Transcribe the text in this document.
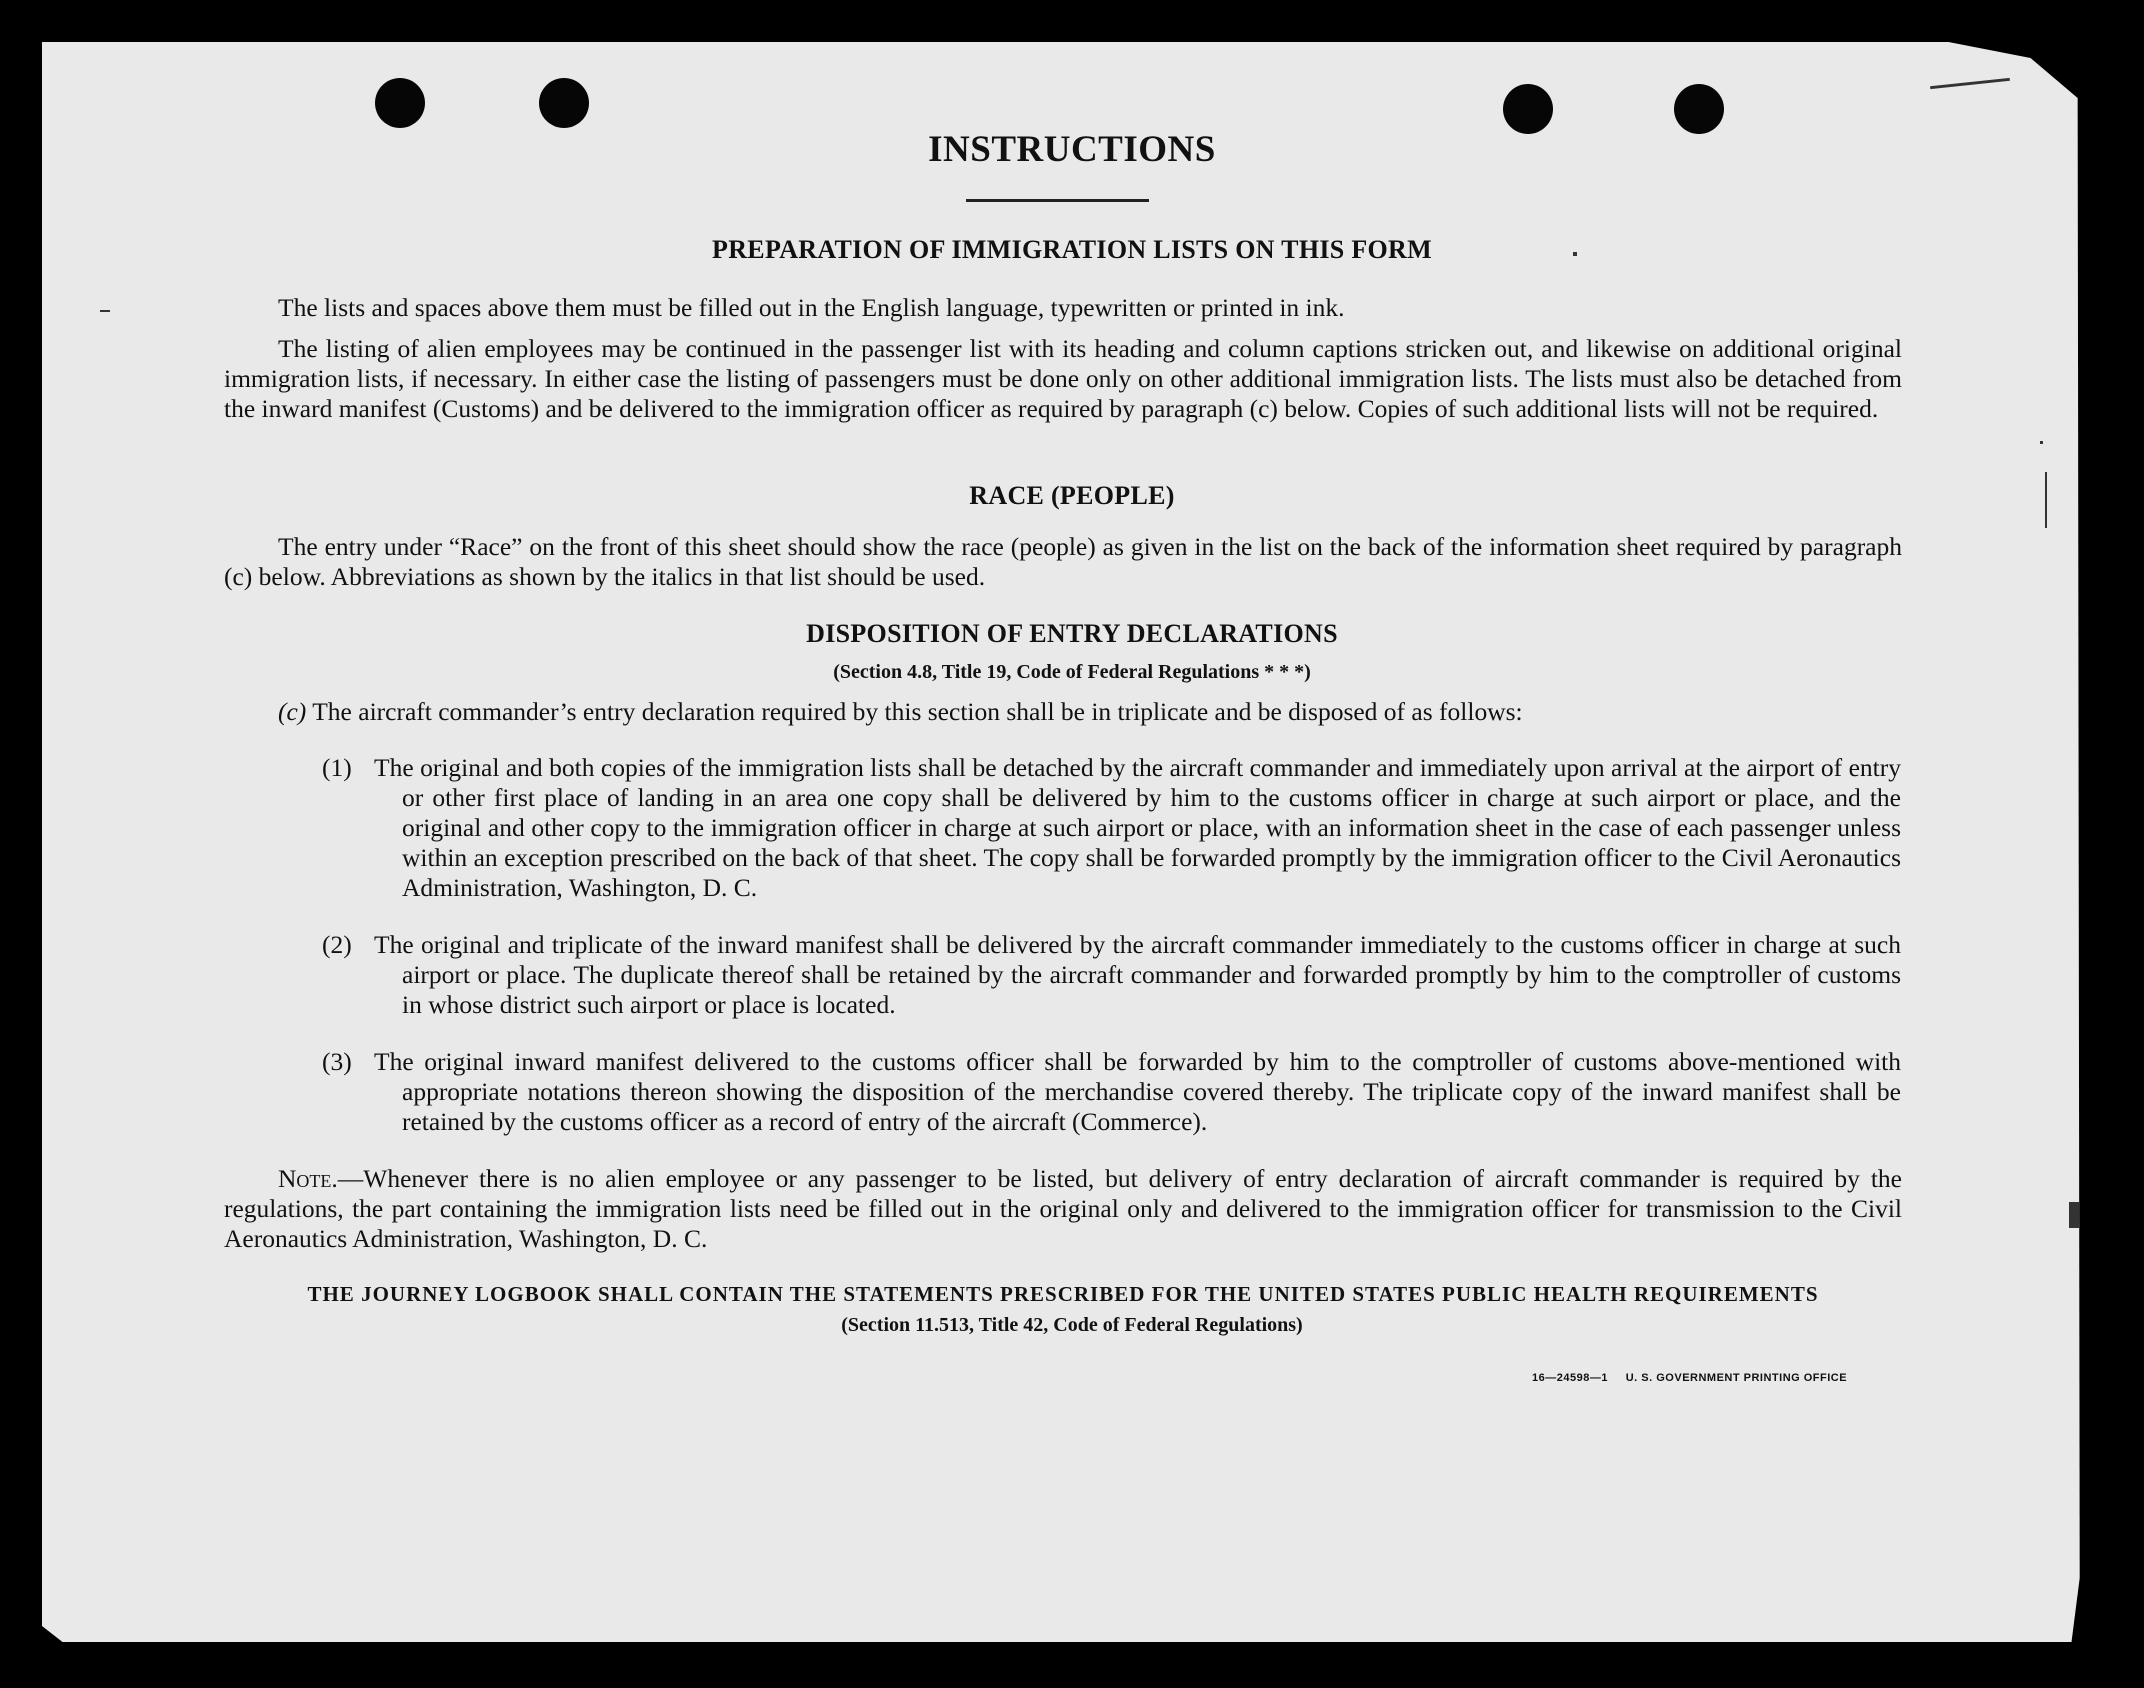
INSTRUCTIONS
PREPARATION OF IMMIGRATION LISTS ON THIS FORM
The lists and spaces above them must be filled out in the English language, typewritten or printed in ink.
The listing of alien employees may be continued in the passenger list with its heading and column captions stricken out, and likewise on additional original immigration lists, if necessary. In either case the listing of passengers must be done only on other additional immigration lists. The lists must also be detached from the inward manifest (Customs) and be delivered to the immigration officer as required by paragraph (c) below. Copies of such additional lists will not be required.
RACE (PEOPLE)
The entry under “Race” on the front of this sheet should show the race (people) as given in the list on the back of the information sheet required by paragraph (c) below. Abbreviations as shown by the italics in that list should be used.
DISPOSITION OF ENTRY DECLARATIONS
(Section 4.8, Title 19, Code of Federal Regulations * * *)
(c) The aircraft commander’s entry declaration required by this section shall be in triplicate and be disposed of as follows:
(1) The original and both copies of the immigration lists shall be detached by the aircraft commander and immediately upon arrival at the airport of entry or other first place of landing in an area one copy shall be delivered by him to the customs officer in charge at such airport or place, and the original and other copy to the immigration officer in charge at such airport or place, with an information sheet in the case of each passenger unless within an exception prescribed on the back of that sheet. The copy shall be forwarded promptly by the immigration officer to the Civil Aeronautics Administration, Washington, D. C.
(2) The original and triplicate of the inward manifest shall be delivered by the aircraft commander immediately to the customs officer in charge at such airport or place. The duplicate thereof shall be retained by the aircraft commander and forwarded promptly by him to the comptroller of customs in whose district such airport or place is located.
(3) The original inward manifest delivered to the customs officer shall be forwarded by him to the comptroller of customs above-mentioned with appropriate notations thereon showing the disposition of the merchandise covered thereby. The triplicate copy of the inward manifest shall be retained by the customs officer as a record of entry of the aircraft (Commerce).
Note.—Whenever there is no alien employee or any passenger to be listed, but delivery of entry declaration of aircraft commander is required by the regulations, the part containing the immigration lists need be filled out in the original only and delivered to the immigration officer for transmission to the Civil Aeronautics Administration, Washington, D. C.
THE JOURNEY LOGBOOK SHALL CONTAIN THE STATEMENTS PRESCRIBED FOR THE UNITED STATES PUBLIC HEALTH REQUIREMENTS
(Section 11.513, Title 42, Code of Federal Regulations)
16—24598—1 U. S. GOVERNMENT PRINTING OFFICE
